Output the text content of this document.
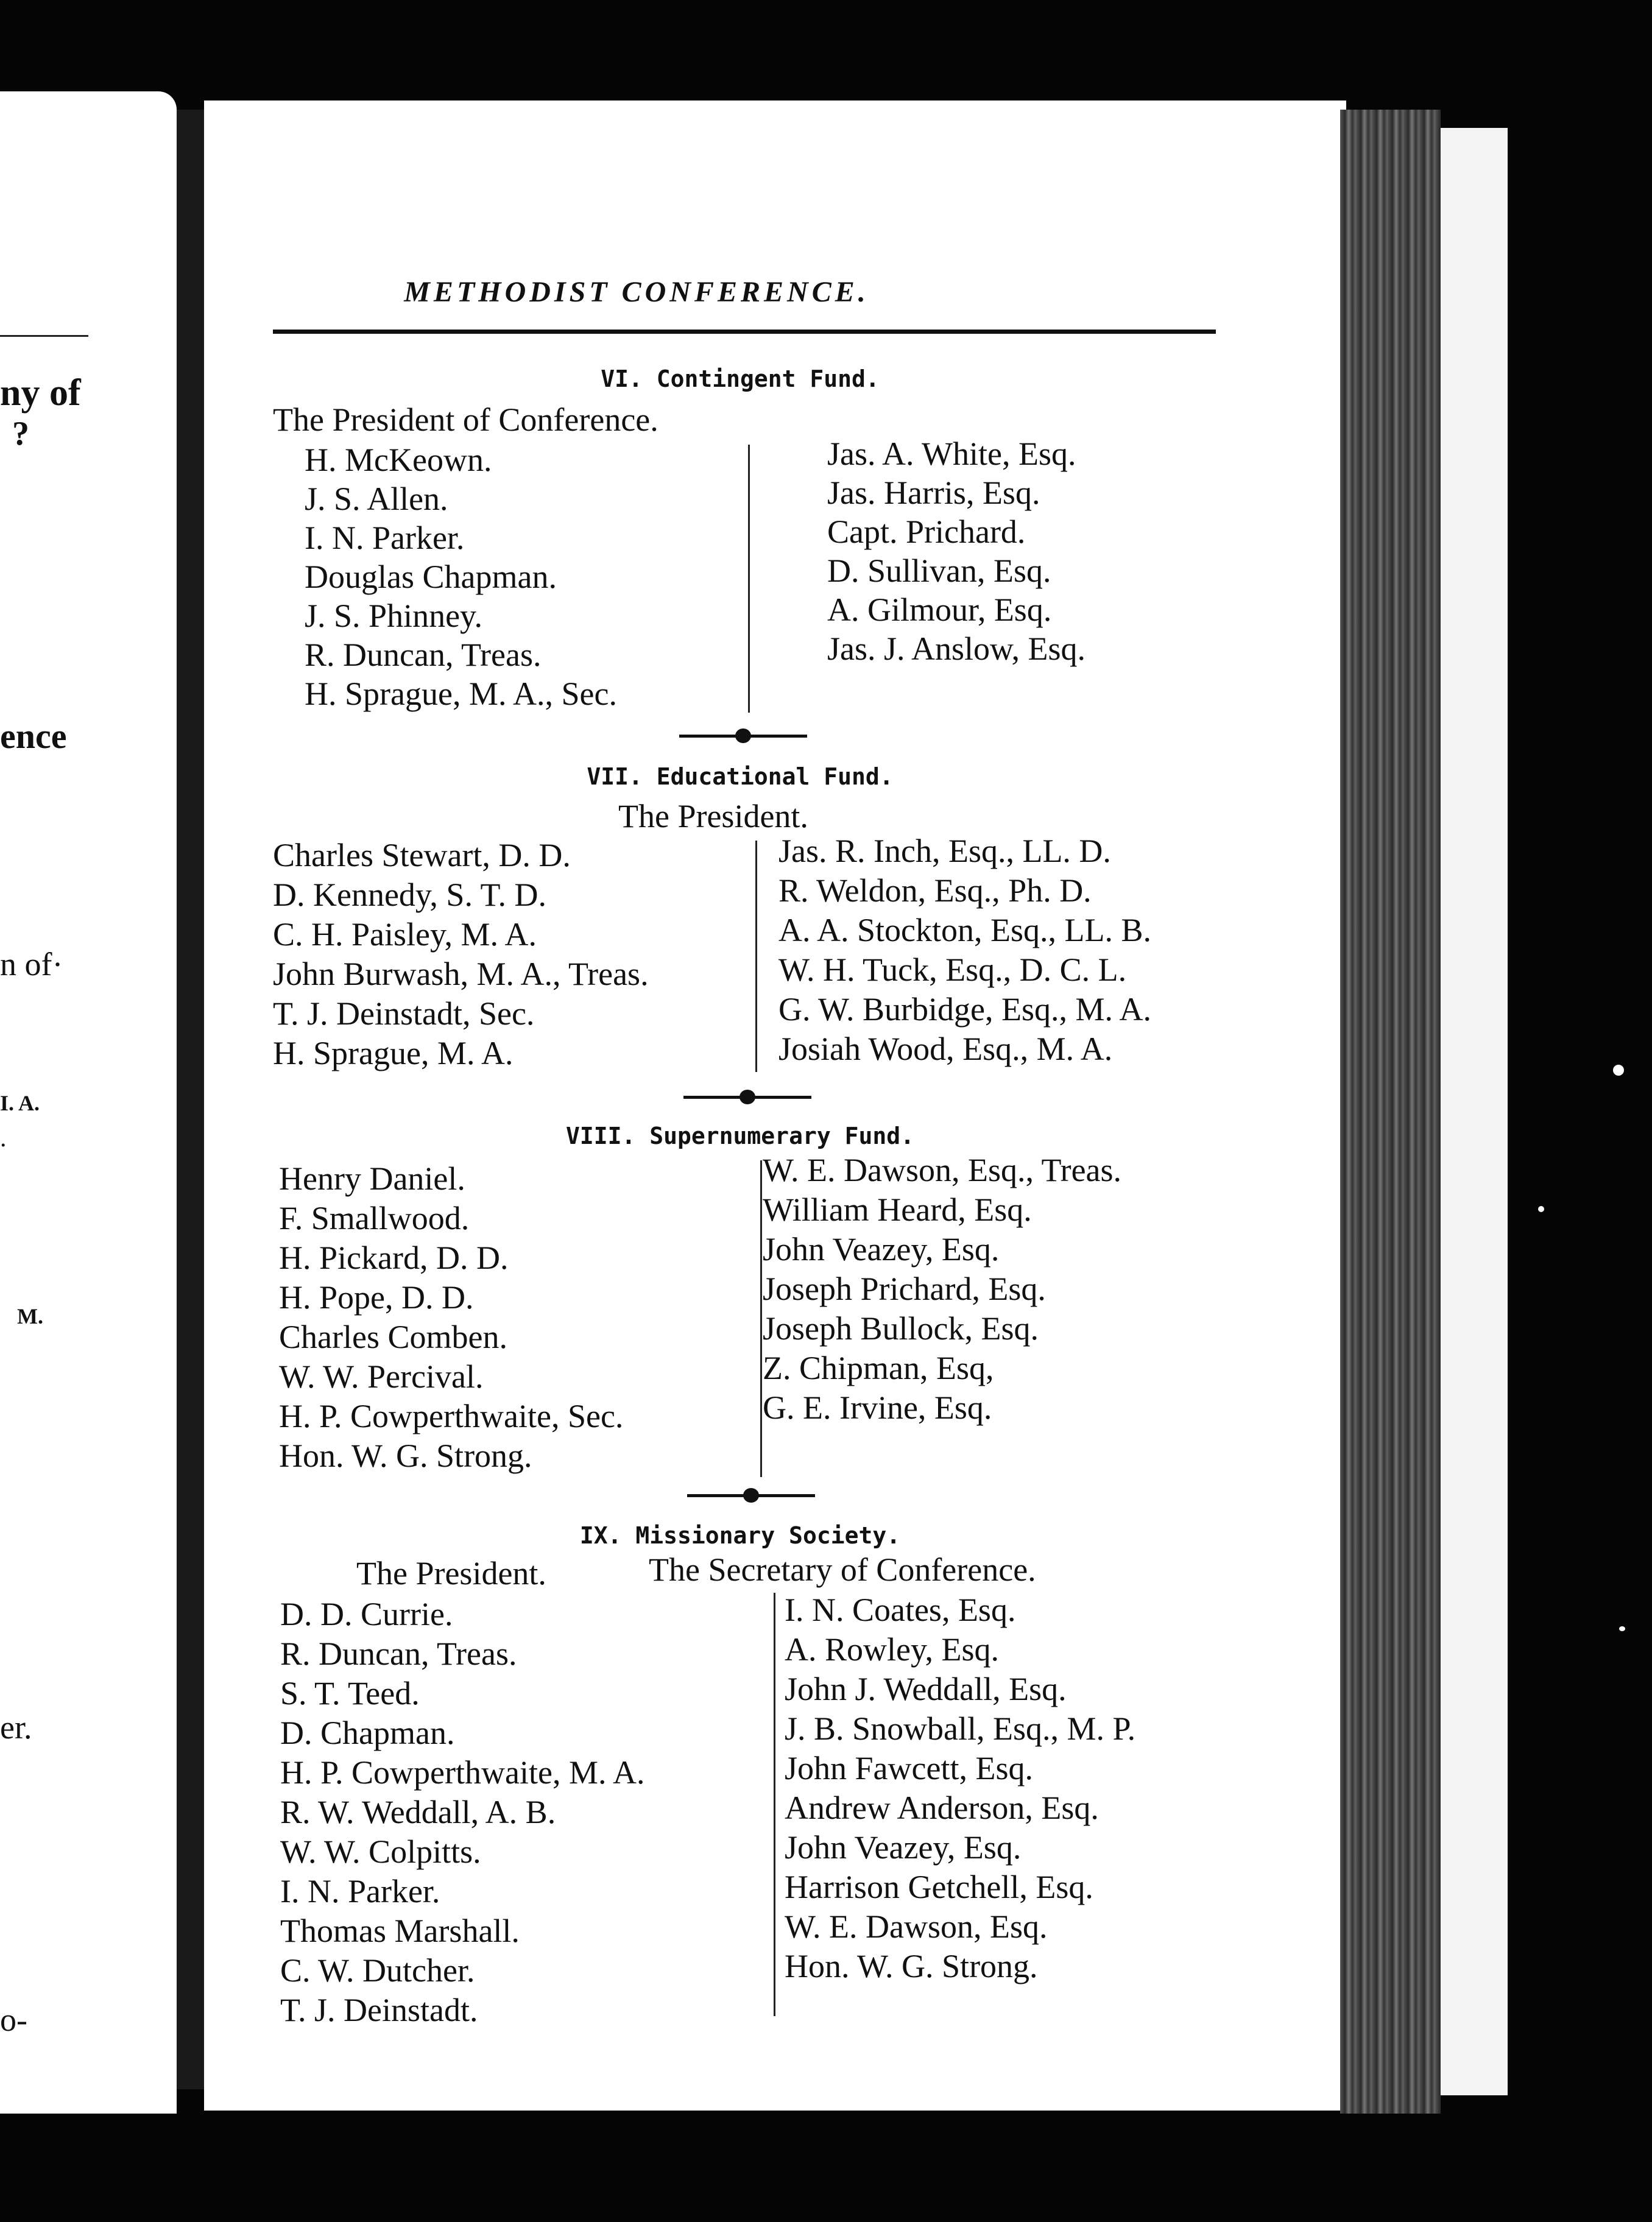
ny of
?
ence
n of·
I. A.
.
M.
er.
o-
METHODIST CONFERENCE.
VI. Contingent Fund.
The President of Conference.
H. McKeown.
J. S. Allen.
I. N. Parker.
Douglas Chapman.
J. S. Phinney.
R. Duncan, Treas.
H. Sprague, M. A., Sec.
Jas. A. White, Esq.
Jas. Harris, Esq.
Capt. Prichard.
D. Sullivan, Esq.
A. Gilmour, Esq.
Jas. J. Anslow, Esq.
VII. Educational Fund.
The President.
Charles Stewart, D. D.
D. Kennedy, S. T. D.
C. H. Paisley, M. A.
John Burwash, M. A., Treas.
T. J. Deinstadt, Sec.
H. Sprague, M. A.
Jas. R. Inch, Esq., LL. D.
R. Weldon, Esq., Ph. D.
A. A. Stockton, Esq., LL. B.
W. H. Tuck, Esq., D. C. L.
G. W. Burbidge, Esq., M. A.
Josiah Wood, Esq., M. A.
VIII. Supernumerary Fund.
Henry Daniel.
F. Smallwood.
H. Pickard, D. D.
H. Pope, D. D.
Charles Comben.
W. W. Percival.
H. P. Cowperthwaite, Sec.
Hon. W. G. Strong.
W. E. Dawson, Esq., Treas.
William Heard, Esq.
John Veazey, Esq.
Joseph Prichard, Esq.
Joseph Bullock, Esq.
Z. Chipman, Esq,
G. E. Irvine, Esq.
IX. Missionary Society.
The President.	The Secretary of Conference.
D. D. Currie.
R. Duncan, Treas.
S. T. Teed.
D. Chapman.
H. P. Cowperthwaite, M. A.
R. W. Weddall, A. B.
W. W. Colpitts.
I. N. Parker.
Thomas Marshall.
C. W. Dutcher.
T. J. Deinstadt.
I. N. Coates, Esq.
A. Rowley, Esq.
John J. Weddall, Esq.
J. B. Snowball, Esq., M. P.
John Fawcett, Esq.
Andrew Anderson, Esq.
John Veazey, Esq.
Harrison Getchell, Esq.
W. E. Dawson, Esq.
Hon. W. G. Strong.
